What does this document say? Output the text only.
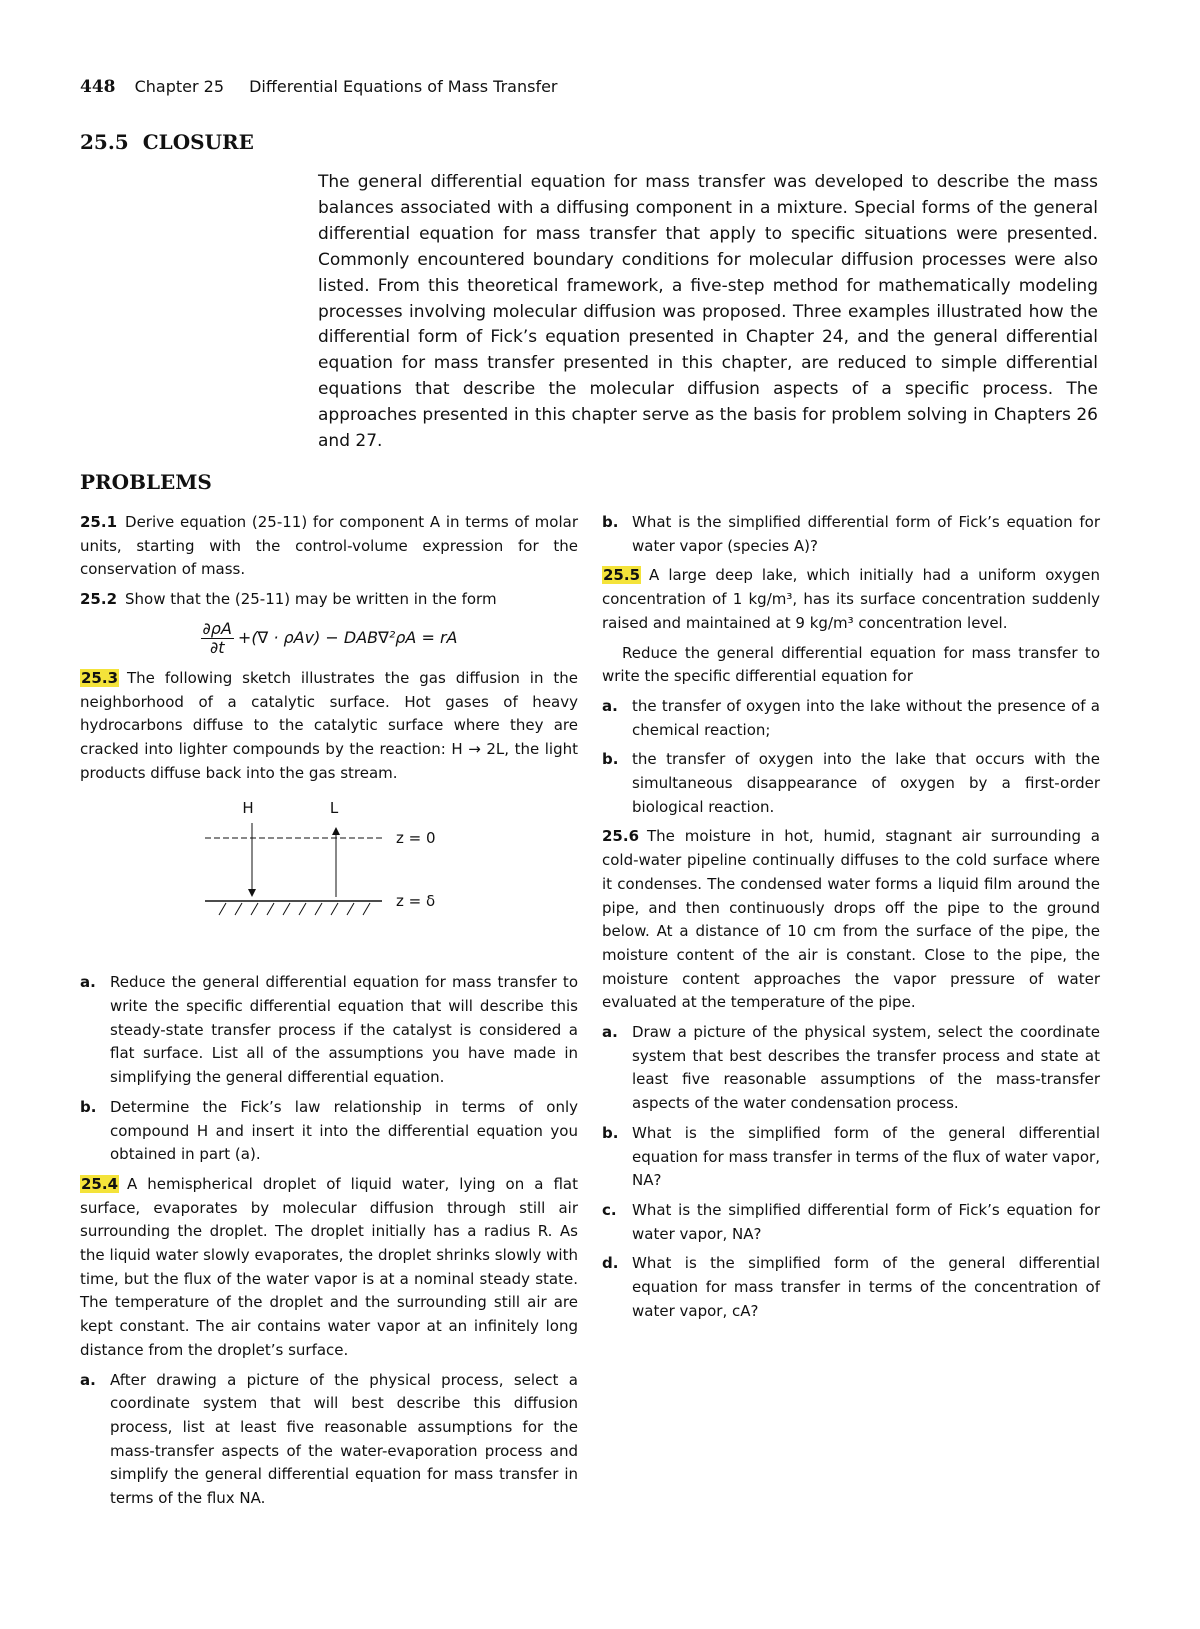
448 Chapter 25 Differential Equations of Mass Transfer
25.5 CLOSURE

The general differential equation for mass transfer was developed to describe the mass balances associated with a diffusing component in a mixture. Special forms of the general differential equation for mass transfer that apply to specific situations were presented. Commonly encountered boundary conditions for molecular diffusion processes were also listed. From this theoretical framework, a five-step method for mathematically modeling processes involving molecular diffusion was proposed. Three examples illustrated how the differential form of Fick’s equation presented in Chapter 24, and the general differential equation for mass transfer presented in this chapter, are reduced to simple differential equations that describe the molecular diffusion aspects of a specific process. The approaches presented in this chapter serve as the basis for problem solving in Chapters 26 and 27.

PROBLEMS

25.1 Derive equation (25-11) for component A in terms of molar units, starting with the control-volume expression for the conservation of mass.

25.2 Show that the (25-11) may be written in the form

$\frac{\partial\rho A}{\partial t}$ +(∇ · ρAv) − DAB∇²ρA = rA

25.3 The following sketch illustrates the gas diffusion in the neighborhood of a catalytic surface. Hot gases of heavy hydrocarbons diffuse to the catalytic surface where they are cracked into lighter compounds by the reaction: H → 2L, the light products diffuse back into the gas stream.

H	L
z = 0
z = δ
a. Reduce the general differential equation for mass transfer to write the specific differential equation that will describe this steady-state transfer process if the catalyst is considered a flat surface. List all of the assumptions you have made in simplifying the general differential equation.
b. Determine the Fick’s law relationship in terms of only compound H and insert it into the differential equation you obtained in part (a).

25.4 A hemispherical droplet of liquid water, lying on a flat surface, evaporates by molecular diffusion through still air surrounding the droplet. The droplet initially has a radius R. As the liquid water slowly evaporates, the droplet shrinks slowly with time, but the flux of the water vapor is at a nominal steady state. The temperature of the droplet and the surrounding still air are kept constant. The air contains water vapor at an infinitely long distance from the droplet’s surface.

a. After drawing a picture of the physical process, select a coordinate system that will best describe this diffusion process, list at least five reasonable assumptions for the mass-transfer aspects of the water-evaporation process and simplify the general differential equation for mass transfer in terms of the flux NA.
b. What is the simplified differential form of Fick’s equation for water vapor (species A)?

25.5 A large deep lake, which initially had a uniform oxygen concentration of 1 kg/m³, has its surface concentration suddenly raised and maintained at 9 kg/m³ concentration level.

Reduce the general differential equation for mass transfer to write the specific differential equation for

a. the transfer of oxygen into the lake without the presence of a chemical reaction;
b. the transfer of oxygen into the lake that occurs with the simultaneous disappearance of oxygen by a first-order biological reaction.

25.6 The moisture in hot, humid, stagnant air surrounding a cold-water pipeline continually diffuses to the cold surface where it condenses. The condensed water forms a liquid film around the pipe, and then continuously drops off the pipe to the ground below. At a distance of 10 cm from the surface of the pipe, the moisture content of the air is constant. Close to the pipe, the moisture content approaches the vapor pressure of water evaluated at the temperature of the pipe.

a. Draw a picture of the physical system, select the coordinate system that best describes the transfer process and state at least five reasonable assumptions of the mass-transfer aspects of the water condensation process.
b. What is the simplified form of the general differential equation for mass transfer in terms of the flux of water vapor, NA?
c. What is the simplified differential form of Fick’s equation for water vapor, NA?
d. What is the simplified form of the general differential equation for mass transfer in terms of the concentration of water vapor, cA?
